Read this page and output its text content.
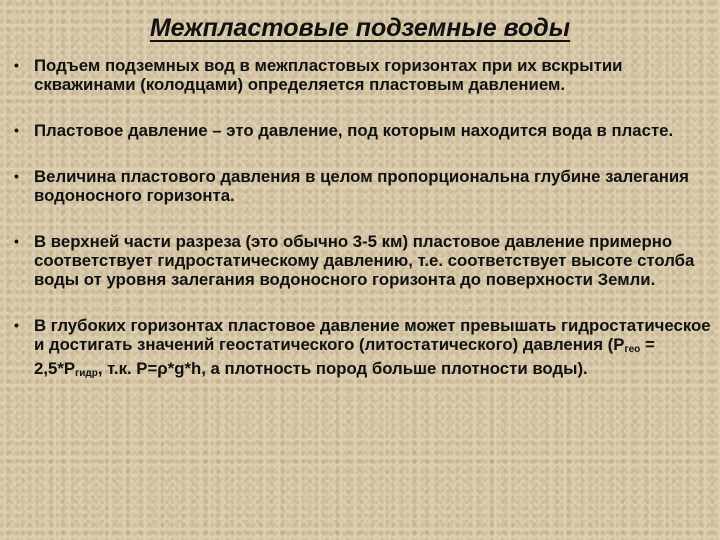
Межпластовые подземные воды
• Подъем подземных вод в межпластовых горизонтах при их вскрытии скважинами (колодцами) определяется пластовым давлением.
• Пластовое давление – это давление, под которым находится вода в пласте.
• Величина пластового давления в целом пропорциональна глубине залегания водоносного горизонта.
• В верхней части разреза (это обычно 3-5 км) пластовое давление примерно соответствует гидростатическому давлению, т.е. соответствует высоте столба воды от уровня залегания водоносного горизонта до поверхности Земли.
• В глубоких горизонтах пластовое давление может превышать гидростатическое и достигать значений геостатического (литостатического) давления ($Р_{гео} = 2,5*Р_{гидр}$, т.к. Р=ρ*g*h, а плотность пород больше плотности воды).
